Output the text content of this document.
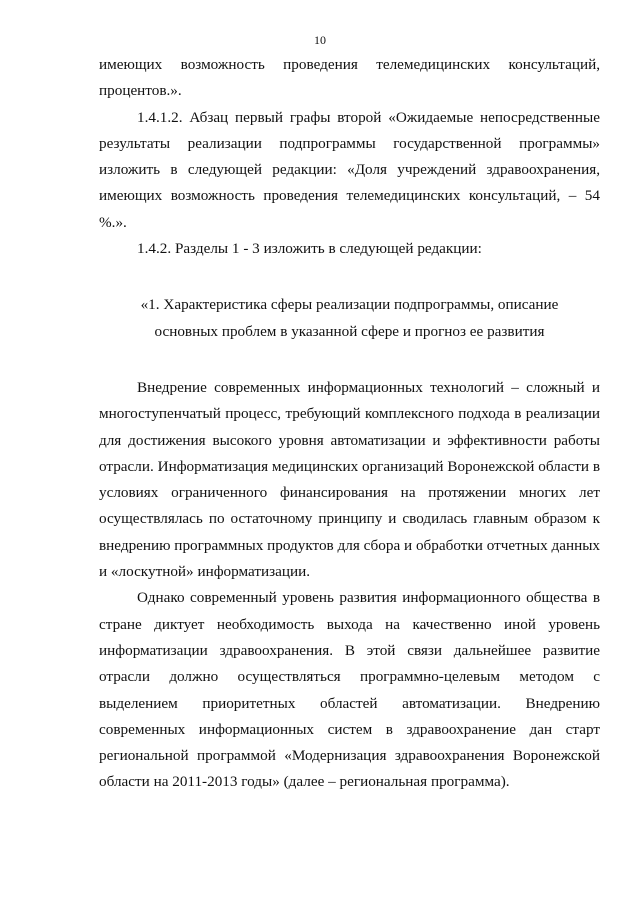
10

имеющих возможность проведения телемедицинских консультаций, процентов.».

1.4.1.2. Абзац первый графы второй «Ожидаемые непосредственные результаты реализации подпрограммы государственной программы» изложить в следующей редакции: «Доля учреждений здравоохранения, имеющих возможность проведения телемедицинских консультаций, – 54 %.».

1.4.2. Разделы 1 - 3 изложить в следующей редакции:

«1. Характеристика сферы реализации подпрограммы, описание
основных проблем в указанной сфере и прогноз ее развития

Внедрение современных информационных технологий – сложный и многоступенчатый процесс, требующий комплексного подхода в реализации для достижения высокого уровня автоматизации и эффективности работы отрасли. Информатизация медицинских организаций Воронежской области в условиях ограниченного финансирования на протяжении многих лет осуществлялась по остаточному принципу и сводилась главным образом к внедрению программных продуктов для сбора и обработки отчетных данных и «лоскутной» информатизации.

Однако современный уровень развития информационного общества в стране диктует необходимость выхода на качественно иной уровень информатизации здравоохранения. В этой связи дальнейшее развитие отрасли должно осуществляться программно-целевым методом с выделением приоритетных областей автоматизации. Внедрению современных информационных систем в здравоохранение дан старт региональной программой «Модернизация здравоохранения Воронежской области на 2011-2013 годы» (далее – региональная программа).
